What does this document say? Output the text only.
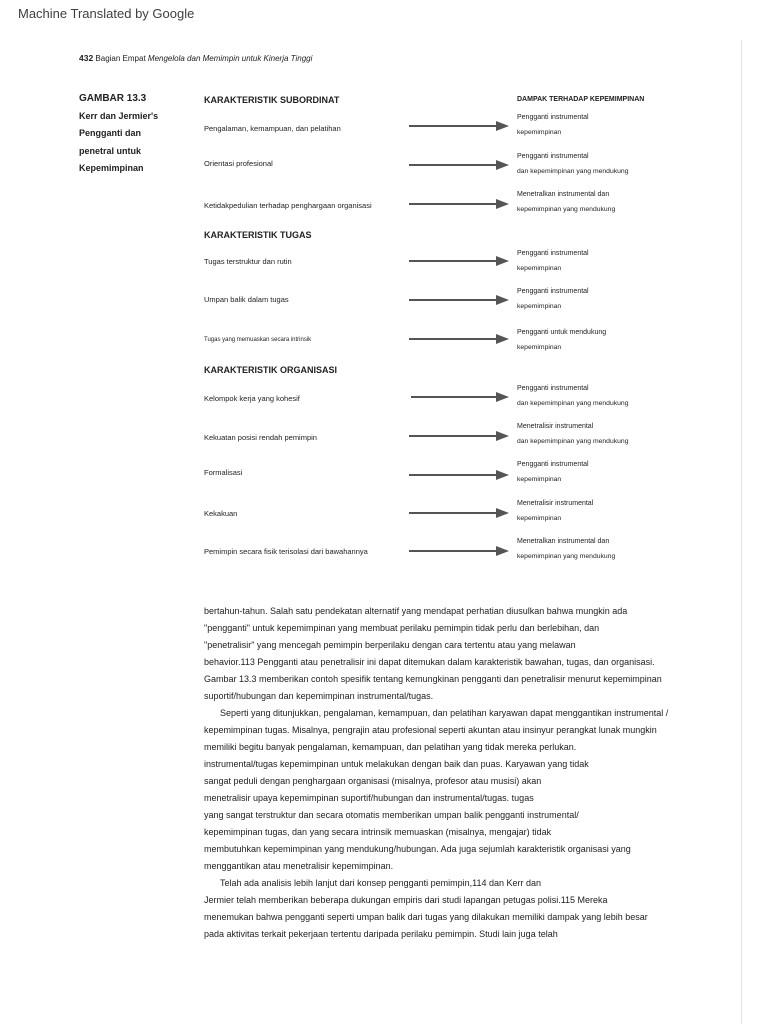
Machine Translated by Google
432 Bagian Empat Mengelola dan Memimpin untuk Kinerja Tinggi
GAMBAR 13.3
Kerr dan Jermier's
Pengganti dan
penetral untuk
Kepemimpinan
DAMPAK TERHADAP KEPEMIMPINAN
KARAKTERISTIK SUBORDINAT
Pengalaman, kemampuan, dan pelatihan
Pengganti instrumental
kepemimpinan
Orientasi profesional
Pengganti instrumental
dan kepemimpinan yang mendukung
Ketidakpedulian terhadap penghargaan organisasi
Menetralkan instrumental dan
kepemimpinan yang mendukung
KARAKTERISTIK TUGAS
Tugas terstruktur dan rutin
Pengganti instrumental
kepemimpinan
Umpan balik dalam tugas
Pengganti instrumental
kepemimpinan
Tugas yang memuaskan secara intrinsik
Pengganti untuk mendukung
kepemimpinan
KARAKTERISTIK ORGANISASI
Kelompok kerja yang kohesif
Pengganti instrumental
dan kepemimpinan yang mendukung
Kekuatan posisi rendah pemimpin
Menetralisir instrumental
dan kepemimpinan yang mendukung
Formalisasi
Pengganti instrumental
kepemimpinan
Kekakuan
Menetralisir instrumental
kepemimpinan
Pemimpin secara fisik terisolasi dari bawahannya
Menetralkan instrumental dan
kepemimpinan yang mendukung
bertahun-tahun. Salah satu pendekatan alternatif yang mendapat perhatian diusulkan bahwa mungkin ada
"pengganti" untuk kepemimpinan yang membuat perilaku pemimpin tidak perlu dan berlebihan, dan
"penetralisir" yang mencegah pemimpin berperilaku dengan cara tertentu atau yang melawan
behavior.113 Pengganti atau penetralisir ini dapat ditemukan dalam karakteristik bawahan, tugas, dan organisasi.
Gambar 13.3 memberikan contoh spesifik tentang kemungkinan pengganti dan penetralisir menurut kepemimpinan
suportif/hubungan dan kepemimpinan instrumental/tugas.
Seperti yang ditunjukkan, pengalaman, kemampuan, dan pelatihan karyawan dapat menggantikan instrumental /
kepemimpinan tugas. Misalnya, pengrajin atau profesional seperti akuntan atau insinyur perangkat lunak mungkin
memiliki begitu banyak pengalaman, kemampuan, dan pelatihan yang tidak mereka perlukan.
instrumental/tugas kepemimpinan untuk melakukan dengan baik dan puas. Karyawan yang tidak
sangat peduli dengan penghargaan organisasi (misalnya, profesor atau musisi) akan
menetralisir upaya kepemimpinan suportif/hubungan dan instrumental/tugas. tugas
yang sangat terstruktur dan secara otomatis memberikan umpan balik pengganti instrumental/
kepemimpinan tugas, dan yang secara intrinsik memuaskan (misalnya, mengajar) tidak
membutuhkan kepemimpinan yang mendukung/hubungan. Ada juga sejumlah karakteristik organisasi yang
menggantikan atau menetralisir kepemimpinan.
Telah ada analisis lebih lanjut dari konsep pengganti pemimpin,114 dan Kerr dan
Jermier telah memberikan beberapa dukungan empiris dari studi lapangan petugas polisi.115 Mereka
menemukan bahwa pengganti seperti umpan balik dari tugas yang dilakukan memiliki dampak yang lebih besar
pada aktivitas terkait pekerjaan tertentu daripada perilaku pemimpin. Studi lain juga telah
